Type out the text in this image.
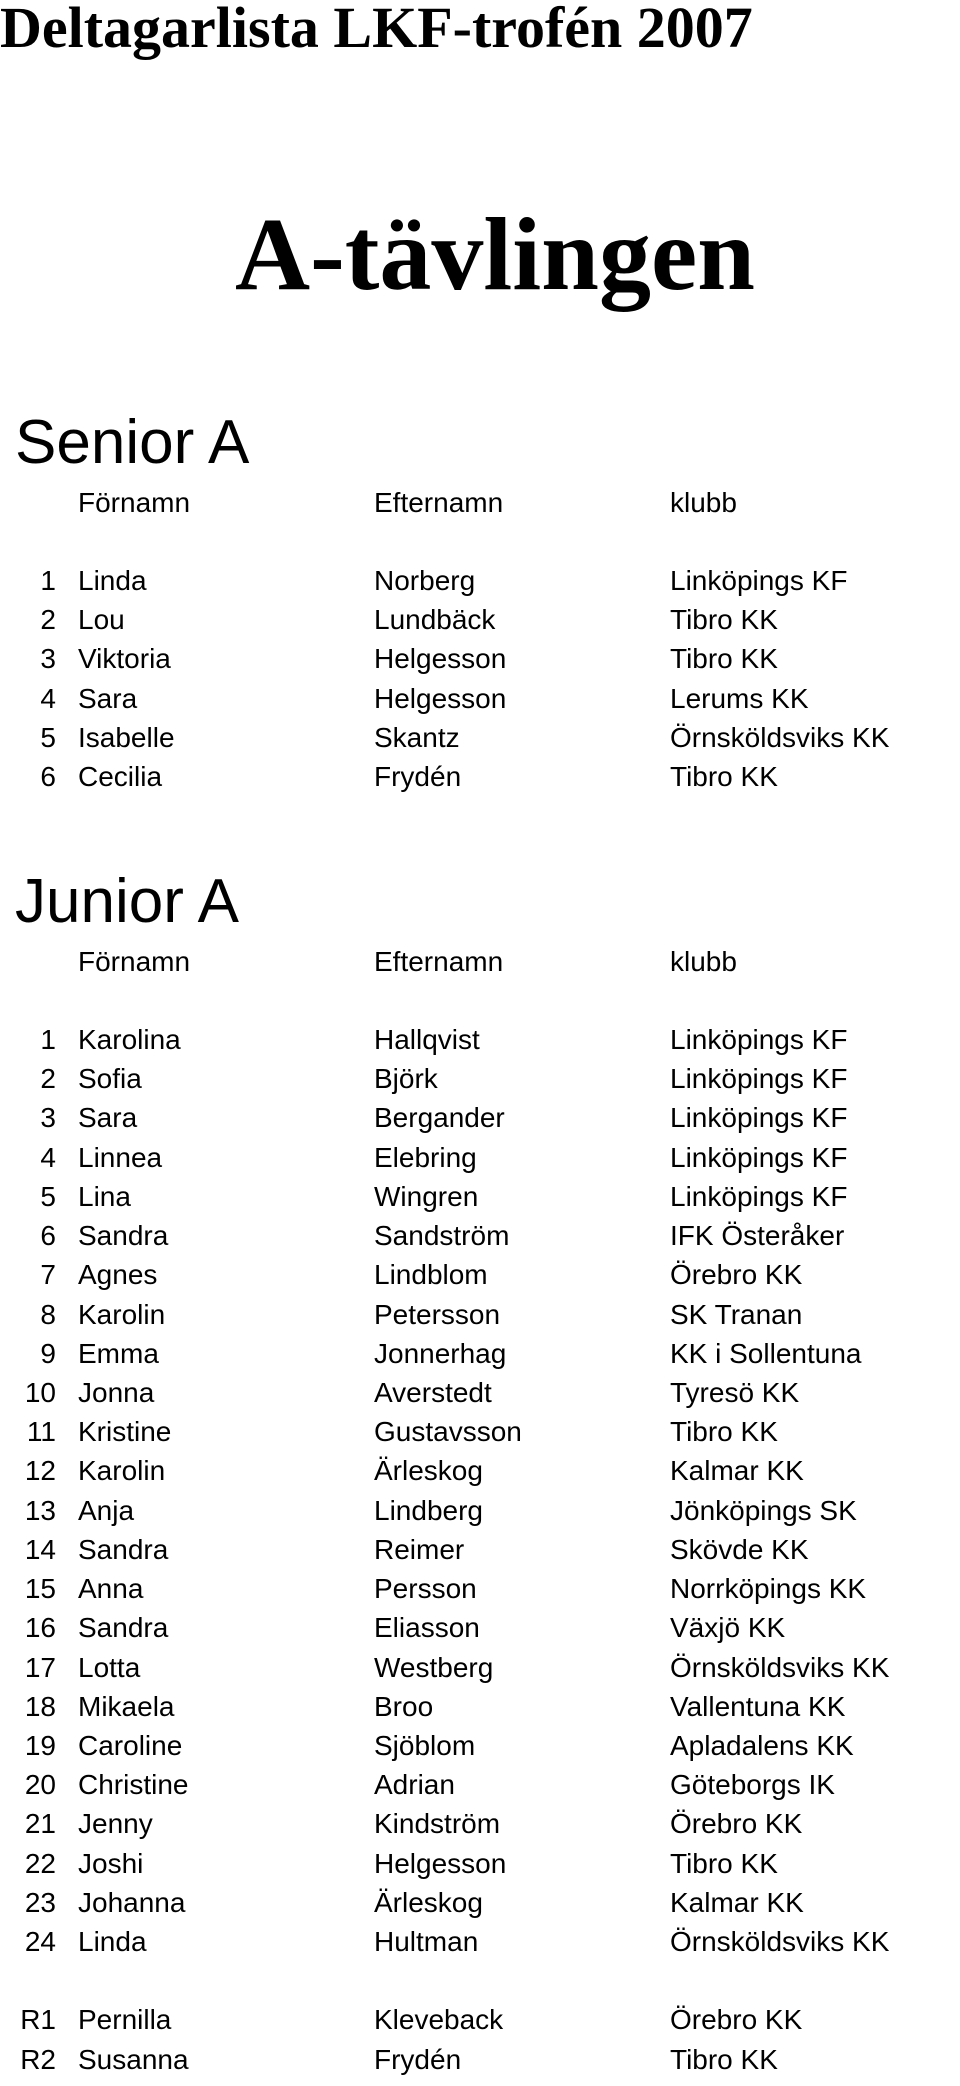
Deltagarlista LKF-trofén 2007
A-tävlingen
Senior A
Förnamn	Efternamn	klubb
1 Linda	Norberg	Linköpings KF
2 Lou	Lundbäck	Tibro KK
3 Viktoria	Helgesson	Tibro KK
4 Sara	Helgesson	Lerums KK
5 Isabelle	Skantz	Örnsköldsviks KK
6 Cecilia	Frydén	Tibro KK
Junior A
Förnamn	Efternamn	klubb
1 Karolina	Hallqvist	Linköpings KF
2 Sofia	Björk	Linköpings KF
3 Sara	Bergander	Linköpings KF
4 Linnea	Elebring	Linköpings KF
5 Lina	Wingren	Linköpings KF
6 Sandra	Sandström	IFK Österåker
7 Agnes	Lindblom	Örebro KK
8 Karolin	Petersson	SK Tranan
9 Emma	Jonnerhag	KK i Sollentuna
10 Jonna	Averstedt	Tyresö KK
11 Kristine	Gustavsson	Tibro KK
12 Karolin	Ärleskog	Kalmar KK
13 Anja	Lindberg	Jönköpings SK
14 Sandra	Reimer	Skövde KK
15 Anna	Persson	Norrköpings KK
16 Sandra	Eliasson	Växjö KK
17 Lotta	Westberg	Örnsköldsviks KK
18 Mikaela	Broo	Vallentuna KK
19 Caroline	Sjöblom	Apladalens KK
20 Christine	Adrian	Göteborgs IK
21 Jenny	Kindström	Örebro KK
22 Joshi	Helgesson	Tibro KK
23 Johanna	Ärleskog	Kalmar KK
24 Linda	Hultman	Örnsköldsviks KK
R1 Pernilla	Kleveback	Örebro KK
R2 Susanna	Frydén	Tibro KK
